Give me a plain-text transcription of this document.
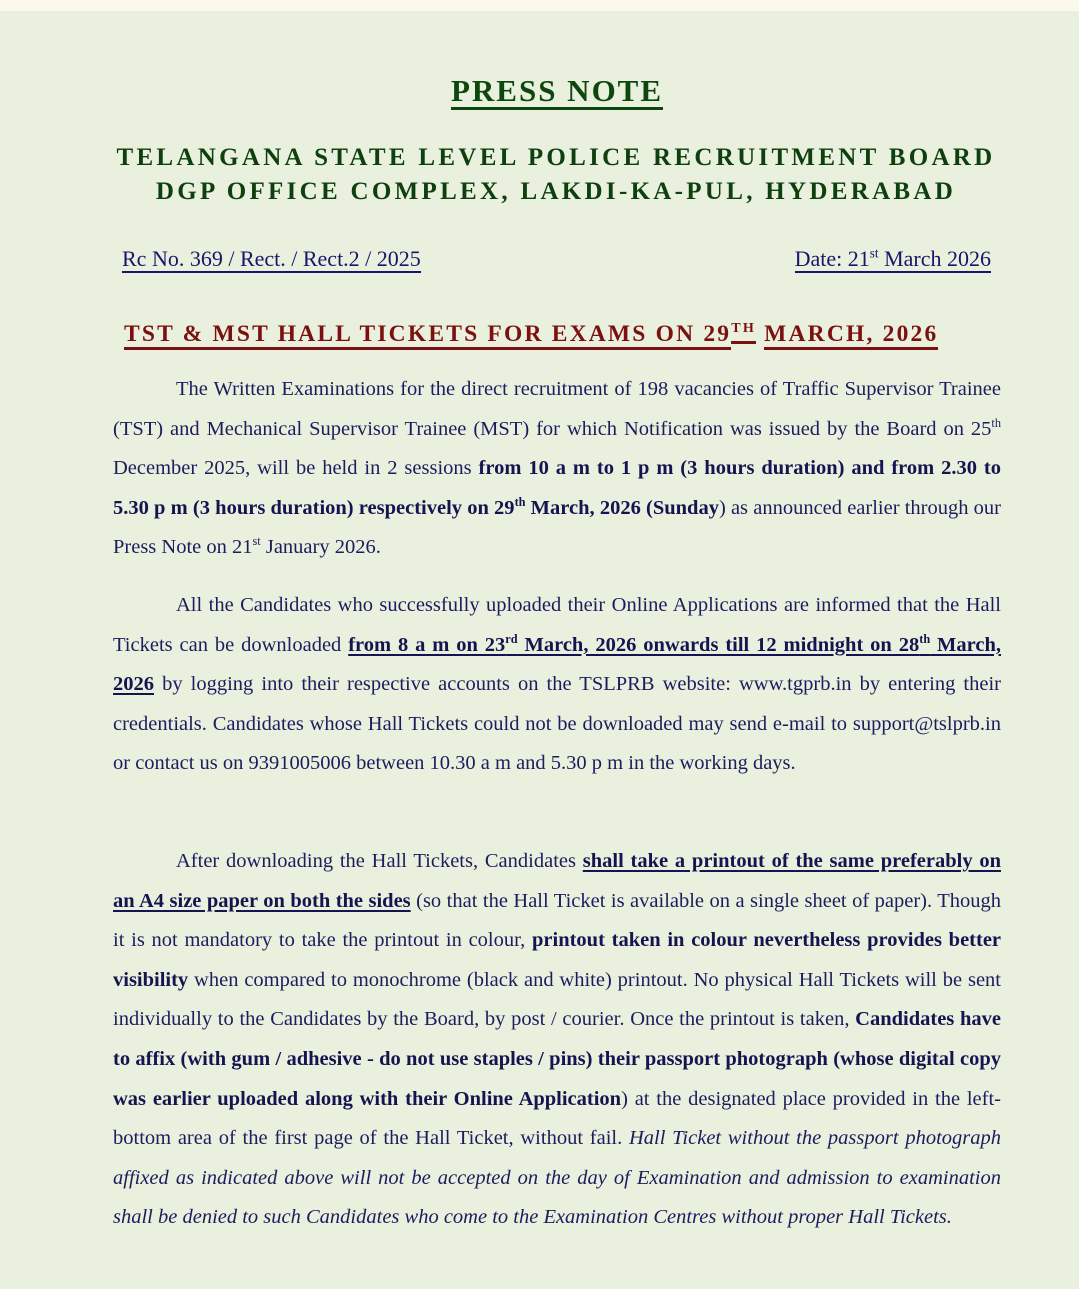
PRESS NOTE
TELANGANA STATE LEVEL POLICE RECRUITMENT BOARD
DGP OFFICE COMPLEX, LAKDI-KA-PUL, HYDERABAD
Rc No. 369 / Rect. / Rect.2 / 2025	Date: 21st March 2026
TST & MST HALL TICKETS FOR EXAMS ON 29TH MARCH, 2026

The Written Examinations for the direct recruitment of 198 vacancies of Traffic Supervisor Trainee (TST) and Mechanical Supervisor Trainee (MST) for which Notification was issued by the Board on 25th December 2025, will be held in 2 sessions from 10 a m to 1 p m (3 hours duration) and from 2.30 to 5.30 p m (3 hours duration) respectively on 29th March, 2026 (Sunday) as announced earlier through our Press Note on 21st January 2026.

All the Candidates who successfully uploaded their Online Applications are informed that the Hall Tickets can be downloaded from 8 a m on 23rd March, 2026 onwards till 12 midnight on 28th March, 2026 by logging into their respective accounts on the TSLPRB website: www.tgprb.in by entering their credentials. Candidates whose Hall Tickets could not be downloaded may send e-mail to support@tslprb.in or contact us on 9391005006 between 10.30 a m and 5.30 p m in the working days.

After downloading the Hall Tickets, Candidates shall take a printout of the same preferably on an A4 size paper on both the sides (so that the Hall Ticket is available on a single sheet of paper). Though it is not mandatory to take the printout in colour, printout taken in colour nevertheless provides better visibility when compared to monochrome (black and white) printout. No physical Hall Tickets will be sent individually to the Candidates by the Board, by post / courier. Once the printout is taken, Candidates have to affix (with gum / adhesive - do not use staples / pins) their passport photograph (whose digital copy was earlier uploaded along with their Online Application) at the designated place provided in the left-bottom area of the first page of the Hall Ticket, without fail. Hall Ticket without the passport photograph affixed as indicated above will not be accepted on the day of Examination and admission to examination shall be denied to such Candidates who come to the Examination Centres without proper Hall Tickets.
